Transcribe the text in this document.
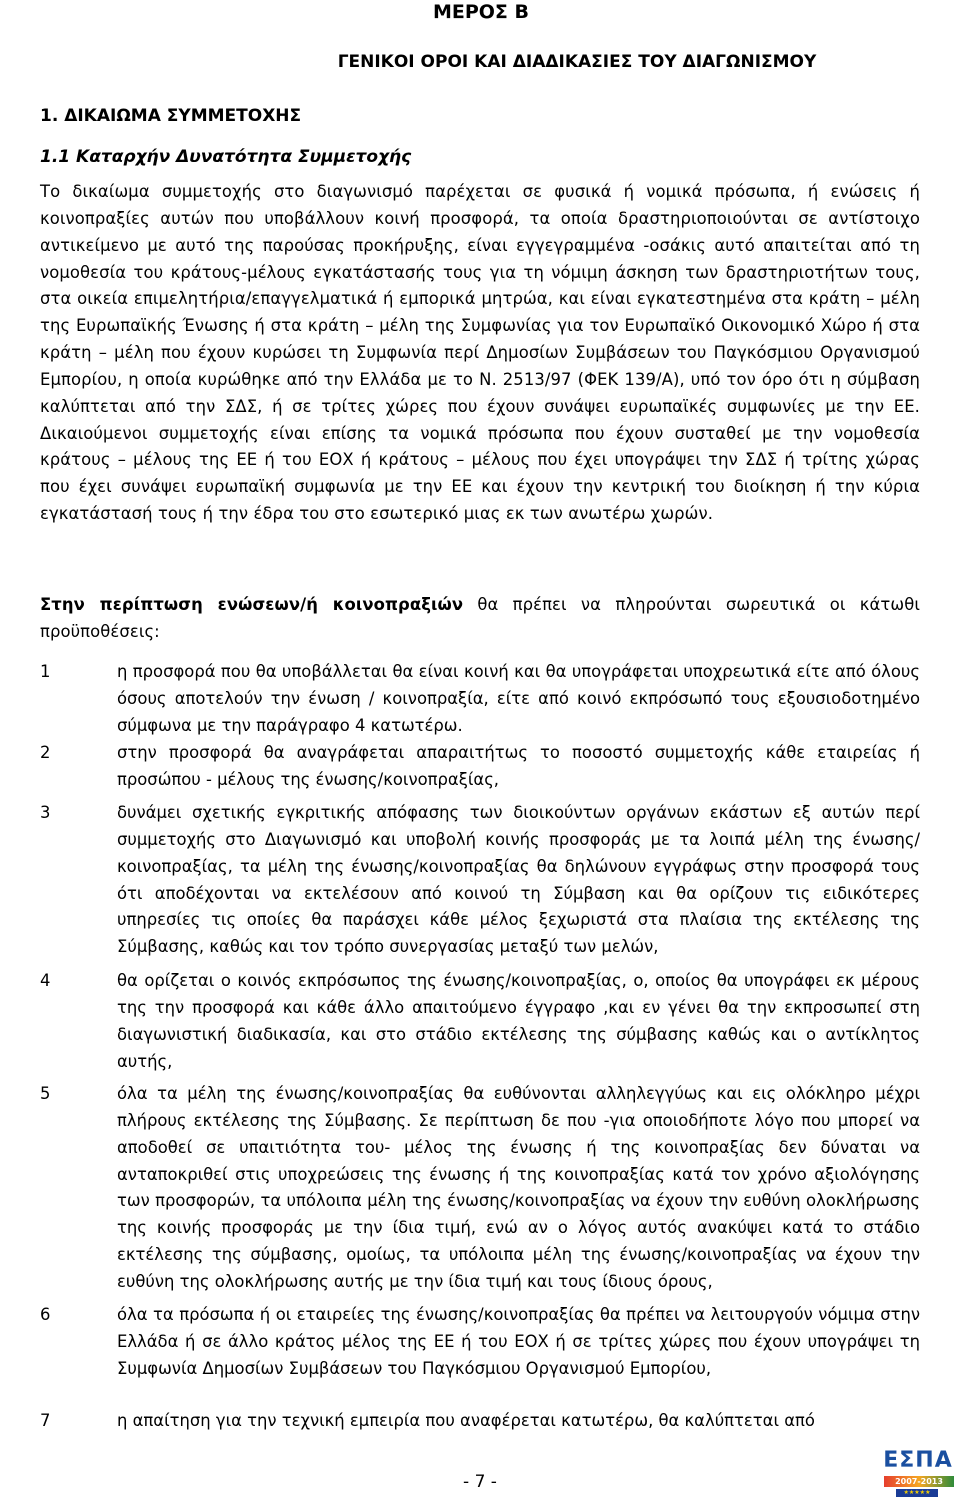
ΜΕΡΟΣ Β
ΓΕΝΙΚΟΙ ΟΡΟΙ ΚΑΙ ΔΙΑΔΙΚΑΣΙΕΣ ΤΟΥ ΔΙΑΓΩΝΙΣΜΟΥ
1. ΔΙΚΑΙΩΜΑ ΣΥΜΜΕΤΟΧΗΣ
1.1 Καταρχήν Δυνατότητα Συμμετοχής
Το δικαίωμα συμμετοχής στο διαγωνισμό παρέχεται σε φυσικά ή νομικά πρόσωπα, ή ενώσεις ή κοινοπραξίες αυτών που υποβάλλουν κοινή προσφορά, τα οποία δραστηριοποιούνται σε αντίστοιχο αντικείμενο με αυτό της παρούσας προκήρυξης, είναι εγγεγραμμένα -οσάκις αυτό απαιτείται από τη νομοθεσία του κράτους-μέλους εγκατάστασής τους για τη νόμιμη άσκηση των δραστηριοτήτων τους, στα οικεία επιμελητήρια/επαγγελματικά ή εμπορικά μητρώα, και είναι εγκατεστημένα στα κράτη – μέλη της Ευρωπαϊκής Ένωσης ή στα κράτη – μέλη της Συμφωνίας για τον Ευρωπαϊκό Οικονομικό Χώρο ή στα κράτη – μέλη που έχουν κυρώσει τη Συμφωνία περί Δημοσίων Συμβάσεων του Παγκόσμιου Οργανισμού Εμπορίου, η οποία κυρώθηκε από την Ελλάδα με το Ν. 2513/97 (ΦΕΚ 139/Α), υπό τον όρο ότι η σύμβαση καλύπτεται από την ΣΔΣ, ή σε τρίτες χώρες που έχουν συνάψει ευρωπαϊκές συμφωνίες με την ΕΕ. Δικαιούμενοι συμμετοχής είναι επίσης τα νομικά πρόσωπα που έχουν συσταθεί με την νομοθεσία κράτους – μέλους της ΕΕ ή του ΕΟΧ ή κράτους – μέλους που έχει υπογράψει την ΣΔΣ ή τρίτης χώρας που έχει συνάψει ευρωπαϊκή συμφωνία με την ΕΕ και έχουν την κεντρική του διοίκηση ή την κύρια εγκατάστασή τους ή την έδρα του στο εσωτερικό μιας εκ των ανωτέρω χωρών.
Στην περίπτωση ενώσεων/ή κοινοπραξιών θα πρέπει να πληρούνται σωρευτικά οι κάτωθι προϋποθέσεις:
1	η προσφορά που θα υποβάλλεται θα είναι κοινή και θα υπογράφεται υποχρεωτικά είτε από όλους όσους αποτελούν την ένωση / κοινοπραξία, είτε από κοινό εκπρόσωπό τους εξουσιοδοτημένο σύμφωνα με την παράγραφο 4 κατωτέρω.
2	στην προσφορά θα αναγράφεται απαραιτήτως το ποσοστό συμμετοχής κάθε εταιρείας ή προσώπου - μέλους της ένωσης/κοινοπραξίας,
3	δυνάμει σχετικής εγκριτικής απόφασης των διοικούντων οργάνων εκάστων εξ αυτών περί συμμετοχής στο Διαγωνισμό και υποβολή κοινής προσφοράς με τα λοιπά μέλη της ένωσης/κοινοπραξίας, τα μέλη της ένωσης/κοινοπραξίας θα δηλώνουν εγγράφως στην προσφορά τους ότι αποδέχονται να εκτελέσουν από κοινού τη Σύμβαση και θα ορίζουν τις ειδικότερες υπηρεσίες τις οποίες θα παράσχει κάθε μέλος ξεχωριστά στα πλαίσια της εκτέλεσης της Σύμβασης, καθώς και τον τρόπο συνεργασίας μεταξύ των μελών,
4	θα ορίζεται ο κοινός εκπρόσωπος της ένωσης/κοινοπραξίας, ο, οποίος θα υπογράφει εκ μέρους της την προσφορά και κάθε άλλο απαιτούμενο έγγραφο ,και εν γένει θα την εκπροσωπεί στη διαγωνιστική διαδικασία, και στο στάδιο εκτέλεσης της σύμβασης καθώς και ο αντίκλητος αυτής,
5	όλα τα μέλη της ένωσης/κοινοπραξίας θα ευθύνονται αλληλεγγύως και εις ολόκληρο μέχρι πλήρους εκτέλεσης της Σύμβασης. Σε περίπτωση δε που -για οποιοδήποτε λόγο που μπορεί να αποδοθεί σε υπαιτιότητα του- μέλος της ένωσης ή της κοινοπραξίας δεν δύναται να ανταποκριθεί στις υποχρεώσεις της ένωσης ή της κοινοπραξίας κατά τον χρόνο αξιολόγησης των προσφορών, τα υπόλοιπα μέλη της ένωσης/κοινοπραξίας να έχουν την ευθύνη ολοκλήρωσης της κοινής προσφοράς με την ίδια τιμή, ενώ αν ο λόγος αυτός ανακύψει κατά το στάδιο εκτέλεσης της σύμβασης, ομοίως, τα υπόλοιπα μέλη της ένωσης/κοινοπραξίας να έχουν την ευθύνη της ολοκλήρωσης αυτής με την ίδια τιμή και τους ίδιους όρους,
6	όλα τα πρόσωπα ή οι εταιρείες της ένωσης/κοινοπραξίας θα πρέπει να λειτουργούν νόμιμα στην Ελλάδα ή σε άλλο κράτος μέλος της ΕΕ ή του ΕΟΧ ή σε τρίτες χώρες που έχουν υπογράψει τη Συμφωνία Δημοσίων Συμβάσεων του Παγκόσμιου Οργανισμού Εμπορίου,
7	η απαίτηση για την τεχνική εμπειρία που αναφέρεται κατωτέρω, θα καλύπτεται από
- 7 -
ΕΣΠΑ
2007-2013
★★★★★
